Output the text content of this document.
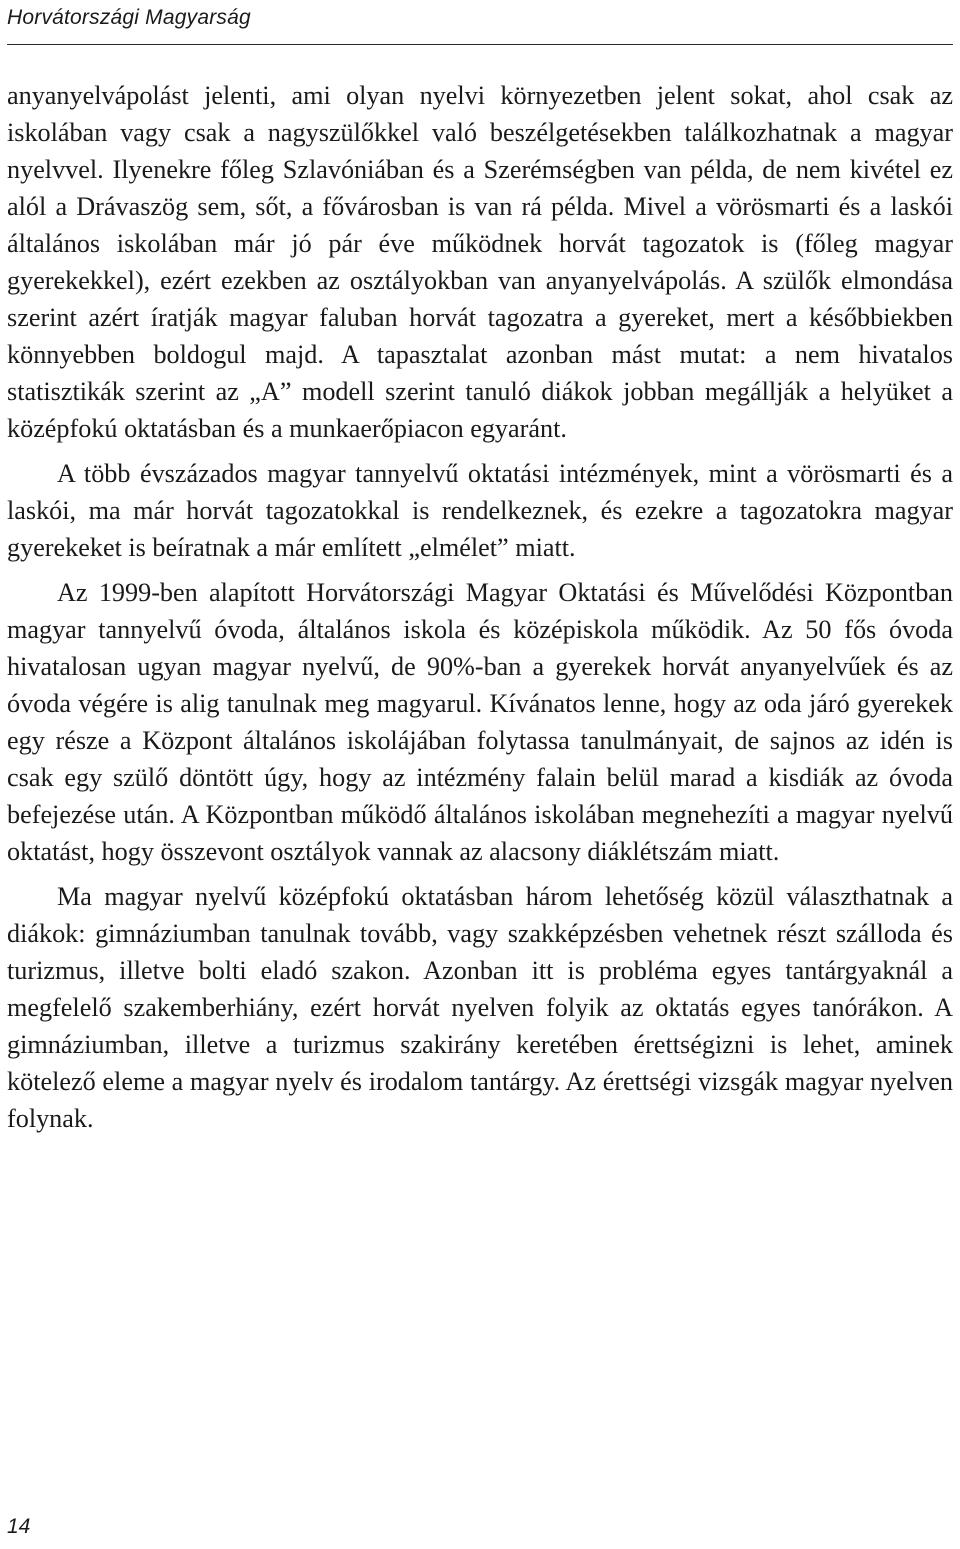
Horvátországi Magyarság

anyanyelvápolást jelenti, ami olyan nyelvi környezetben jelent sokat, ahol csak az iskolában vagy csak a nagyszülőkkel való beszélgetésekben találkozhatnak a magyar nyelvvel. Ilyenekre főleg Szlavóniában és a Szerémségben van példa, de nem kivétel ez alól a Drávaszög sem, sőt, a fővárosban is van rá példa. Mivel a vörösmarti és a laskói általános iskolában már jó pár éve működnek horvát tagozatok is (főleg magyar gyerekekkel), ezért ezekben az osztályokban van anyanyelvápolás. A szülők elmondása szerint azért íratják magyar faluban horvát tagozatra a gyereket, mert a későbbiekben könnyebben boldogul majd. A tapasztalat azonban mást mutat: a nem hivatalos statisztikák szerint az „A” modell szerint tanuló diákok jobban megállják a helyüket a középfokú oktatásban és a munkaerőpiacon egyaránt.

A több évszázados magyar tannyelvű oktatási intézmények, mint a vörösmarti és a laskói, ma már horvát tagozatokkal is rendelkeznek, és ezekre a tagozatokra magyar gyerekeket is beíratnak a már említett „elmélet” miatt.

Az 1999-ben alapított Horvátországi Magyar Oktatási és Művelődési Központban magyar tannyelvű óvoda, általános iskola és középiskola működik. Az 50 fős óvoda hivatalosan ugyan magyar nyelvű, de 90%-ban a gyerekek horvát anyanyelvűek és az óvoda végére is alig tanulnak meg magyarul. Kívánatos lenne, hogy az oda járó gyerekek egy része a Központ általános iskolájában folytassa tanulmányait, de sajnos az idén is csak egy szülő döntött úgy, hogy az intézmény falain belül marad a kisdiák az óvoda befejezése után. A Központban működő általános iskolában megnehezíti a magyar nyelvű oktatást, hogy összevont osztályok vannak az alacsony diáklétszám miatt.

Ma magyar nyelvű középfokú oktatásban három lehetőség közül választhatnak a diákok: gimnáziumban tanulnak tovább, vagy szakképzésben vehetnek részt szálloda és turizmus, illetve bolti eladó szakon. Azonban itt is probléma egyes tantárgyaknál a megfelelő szakemberhiány, ezért horvát nyelven folyik az oktatás egyes tanórákon. A gimnáziumban, illetve a turizmus szakirány keretében érettségizni is lehet, aminek kötelező eleme a magyar nyelv és irodalom tantárgy. Az érettségi vizsgák magyar nyelven folynak.

14
